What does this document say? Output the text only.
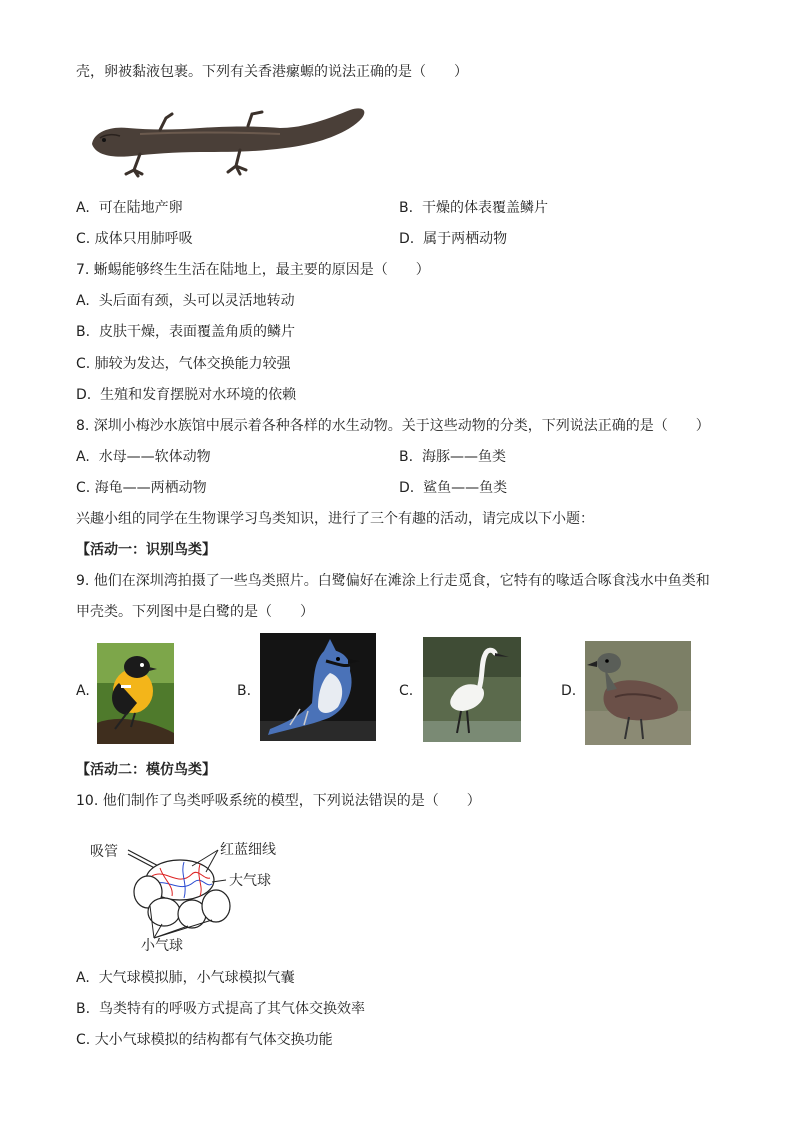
壳，卵被黏液包裹。下列有关香港瘰螈的说法正确的是（　　）
A. 可在陆地产卵	B. 干燥的体表覆盖鳞片
C. 成体只用肺呼吸	D. 属于两栖动物
7. 蜥蜴能够终生生活在陆地上，最主要的原因是（　　）
A. 头后面有颈，头可以灵活地转动
B. 皮肤干燥，表面覆盖角质的鳞片
C. 肺较为发达，气体交换能力较强
D. 生殖和发育摆脱对水环境的依赖
8. 深圳小梅沙水族馆中展示着各种各样的水生动物。关于这些动物的分类，下列说法正确的是（　　）
A. 水母——软体动物	B. 海豚——鱼类
C. 海龟——两栖动物	D. 鲨鱼——鱼类
兴趣小组的同学在生物课学习鸟类知识，进行了三个有趣的活动，请完成以下小题：
【活动一：识别鸟类】
9. 他们在深圳湾拍摄了一些鸟类照片。白鹭偏好在滩涂上行走觅食，它特有的喙适合啄食浅水中鱼类和
甲壳类。下列图中是白鹭的是（　　）
A.	B.	C.	D.
【活动二：模仿鸟类】
10. 他们制作了鸟类呼吸系统的模型，下列说法错误的是（　　）
吸管	红蓝细线
大气球
小气球
A. 大气球模拟肺，小气球模拟气囊
B. 鸟类特有的呼吸方式提高了其气体交换效率
C. 大小气球模拟的结构都有气体交换功能
